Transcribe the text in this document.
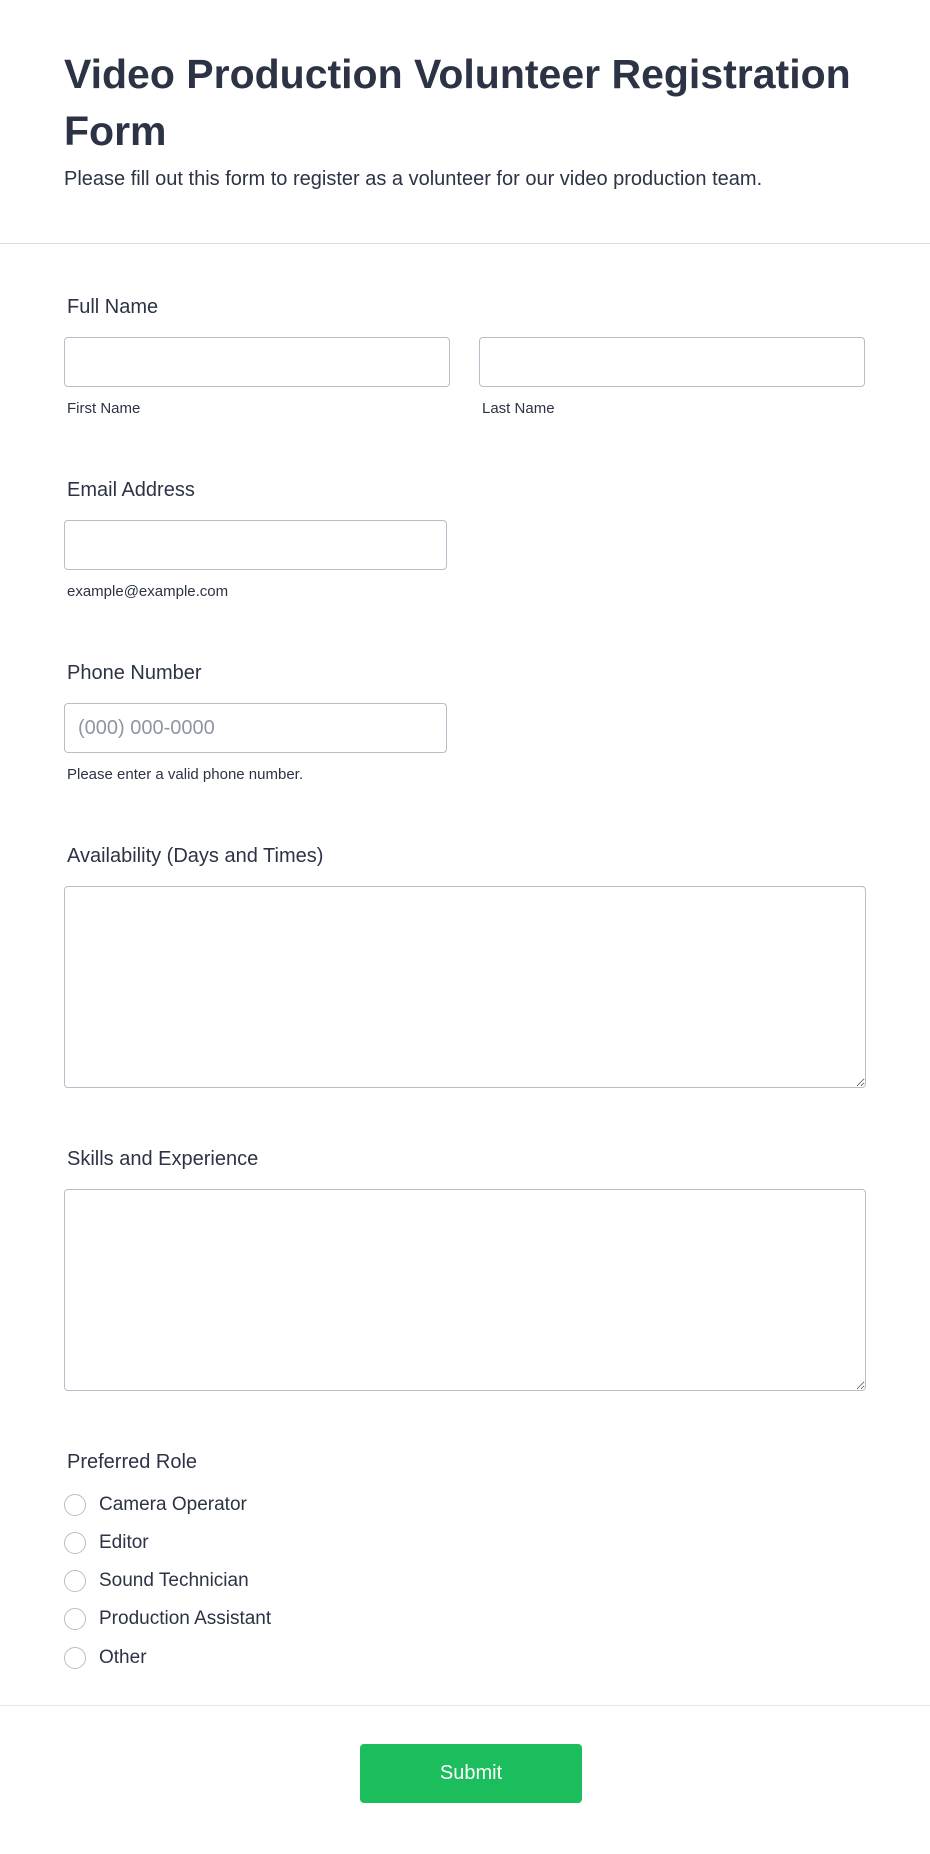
Video Production Volunteer Registration Form

Please fill out this form to register as a volunteer for our video production team.

Full Name
First Name	Last Name
Email Address
example@example.com
Phone Number
(000) 000-0000
Please enter a valid phone number.
Availability (Days and Times)
Skills and Experience
Preferred Role
Camera Operator
Editor
Sound Technician
Production Assistant
Other
Submit
